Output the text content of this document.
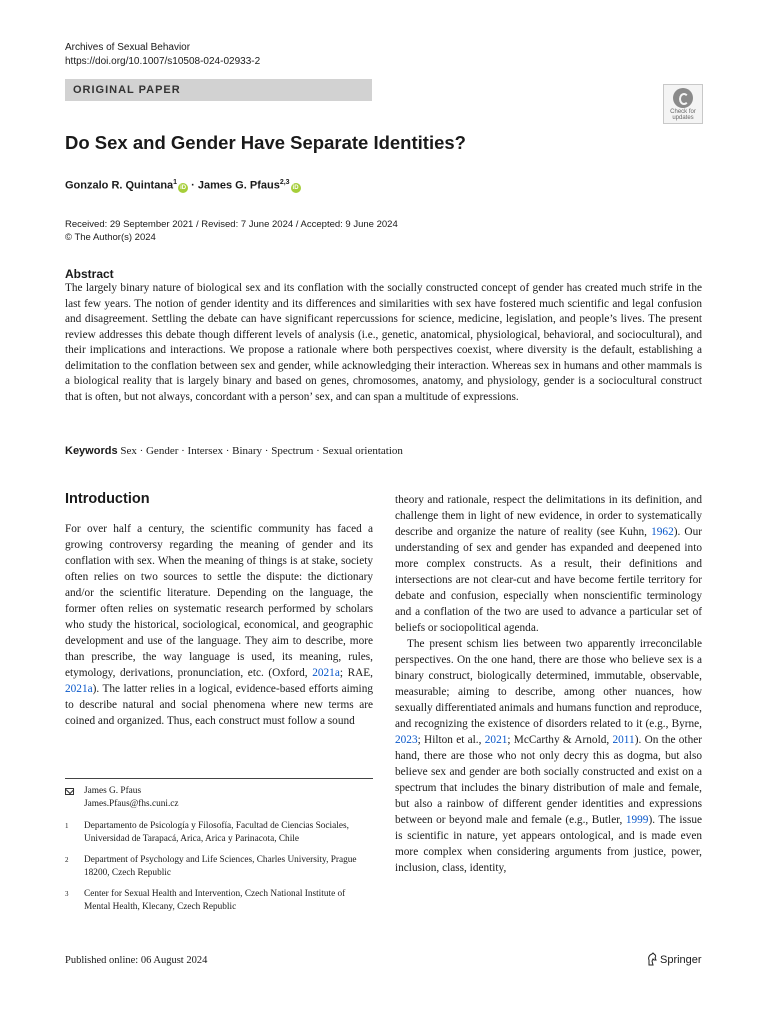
Archives of Sexual Behavior
https://doi.org/10.1007/s10508-024-02933-2
ORIGINAL PAPER
Check for
updates
Do Sex and Gender Have Separate Identities?
Gonzalo R. Quintana$^1$iD · James G. Pfaus$^{2,3}$iD
Received: 29 September 2021 / Revised: 7 June 2024 / Accepted: 9 June 2024
© The Author(s) 2024
Abstract
The largely binary nature of biological sex and its conflation with the socially constructed concept of gender has created much strife in the last few years. The notion of gender identity and its differences and similarities with sex have fostered much scientific and legal confusion and disagreement. Settling the debate can have significant repercussions for science, medicine, legislation, and people’s lives. The present review addresses this debate though different levels of analysis (i.e., genetic, anatomical, physiological, behavioral, and sociocultural), and their implications and interactions. We propose a rationale where both perspectives coexist, where diversity is the default, establishing a delimitation to the conflation between sex and gender, while acknowledging their interaction. Whereas sex in humans and other mammals is a biological reality that is largely binary and based on genes, chromosomes, anatomy, and physiology, gender is a sociocultural construct that is often, but not always, concordant with a person’ sex, and can span a multitude of expressions.
Keywords Sex · Gender · Intersex · Binary · Spectrum · Sexual orientation
Introduction

For over half a century, the scientific community has faced a growing controversy regarding the meaning of gender and its conflation with sex. When the meaning of things is at stake, society often relies on two sources to settle the dispute: the dictionary and/or the scientific literature. Depending on the language, the former often relies on systematic research performed by scholars who study the historical, sociological, economical, and geographic development and use of the language. They aim to describe, more than prescribe, the way language is used, its meaning, rules, etymology, derivations, pronunciation, etc. (Oxford, 2021a; RAE, 2021a). The latter relies in a logical, evidence-based efforts aiming to describe natural and social phenomena where new terms are coined and organized. Thus, each construct must follow a sound

theory and rationale, respect the delimitations in its definition, and challenge them in light of new evidence, in order to systematically describe and organize the nature of reality (see Kuhn, 1962). Our understanding of sex and gender has expanded and deepened into more complex constructs. As a result, their definitions and intersections are not clear-cut and have become fertile territory for debate and confusion, especially when nonscientific terminology and a conflation of the two are used to advance a particular set of beliefs or sociopolitical agenda.

The present schism lies between two apparently irreconcilable perspectives. On the one hand, there are those who believe sex is a binary construct, biologically determined, immutable, observable, measurable; aiming to describe, among other nuances, how sexually differentiated animals and humans function and reproduce, and recognizing the existence of disorders related to it (e.g., Byrne, 2023; Hilton et al., 2021; McCarthy & Arnold, 2011). On the other hand, there are those who not only decry this as dogma, but also believe sex and gender are both socially constructed and exist on a spectrum that includes the binary distribution of male and female, but also a rainbow of different gender identities and expressions between or beyond male and female (e.g., Butler, 1999). The issue is scientific in nature, yet appears ontological, and is made even more complex when considering arguments from justice, power, inclusion, class, identity,

James G. Pfaus
James.Pfaus@fhs.cuni.cz
1 Departamento de Psicología y Filosofía, Facultad de Ciencias Sociales, Universidad de Tarapacá, Arica, Arica y Parinacota, Chile
2 Department of Psychology and Life Sciences, Charles University, Prague 18200, Czech Republic
3 Center for Sexual Health and Intervention, Czech National Institute of Mental Health, Klecany, Czech Republic
Published online: 06 August 2024	Springer
